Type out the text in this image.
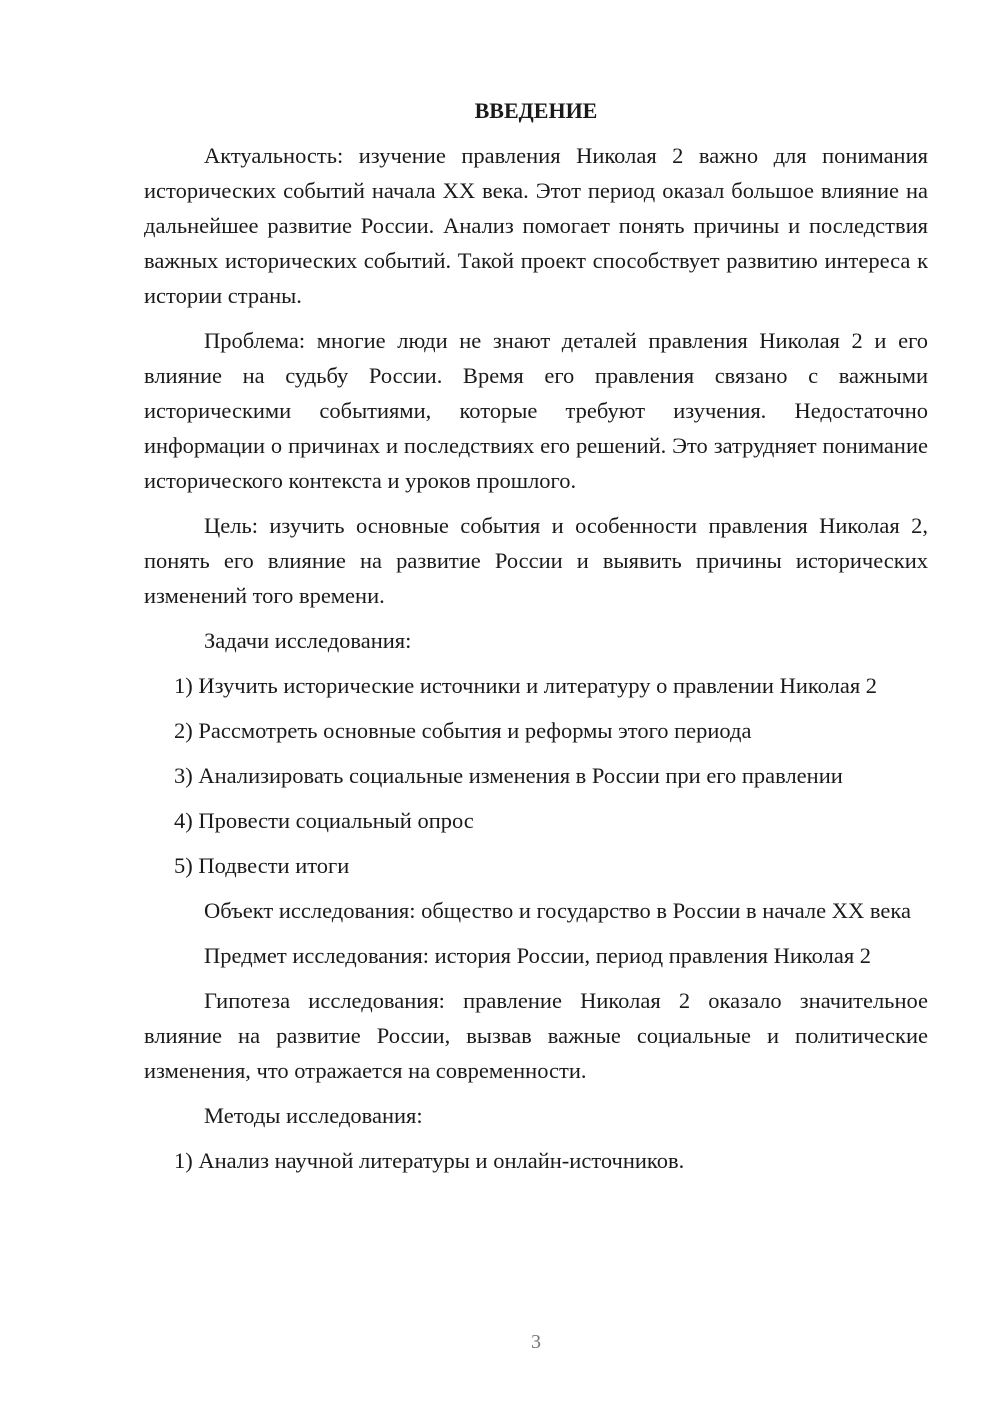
ВВЕДЕНИЕ

Актуальность: изучение правления Николая 2 важно для понимания исторических событий начала XX века. Этот период оказал большое влияние на дальнейшее развитие России. Анализ помогает понять причины и последствия важных исторических событий. Такой проект способствует развитию интереса к истории страны.

Проблема: многие люди не знают деталей правления Николая 2 и его влияние на судьбу России. Время его правления связано с важными историческими событиями, которые требуют изучения. Недостаточно информации о причинах и последствиях его решений. Это затрудняет понимание исторического контекста и уроков прошлого.

Цель: изучить основные события и особенности правления Николая 2, понять его влияние на развитие России и выявить причины исторических изменений того времени.

Задачи исследования:

1) Изучить исторические источники и литературу о правлении Николая 2

2) Рассмотреть основные события и реформы этого периода

3) Анализировать социальные изменения в России при его правлении

4) Провести социальный опрос

5) Подвести итоги

Объект исследования: общество и государство в России в начале XX века

Предмет исследования: история России, период правления Николая 2

Гипотеза исследования: правление Николая 2 оказало значительное влияние на развитие России, вызвав важные социальные и политические изменения, что отражается на современности.

Методы исследования:

1) Анализ научной литературы и онлайн-источников.

3
